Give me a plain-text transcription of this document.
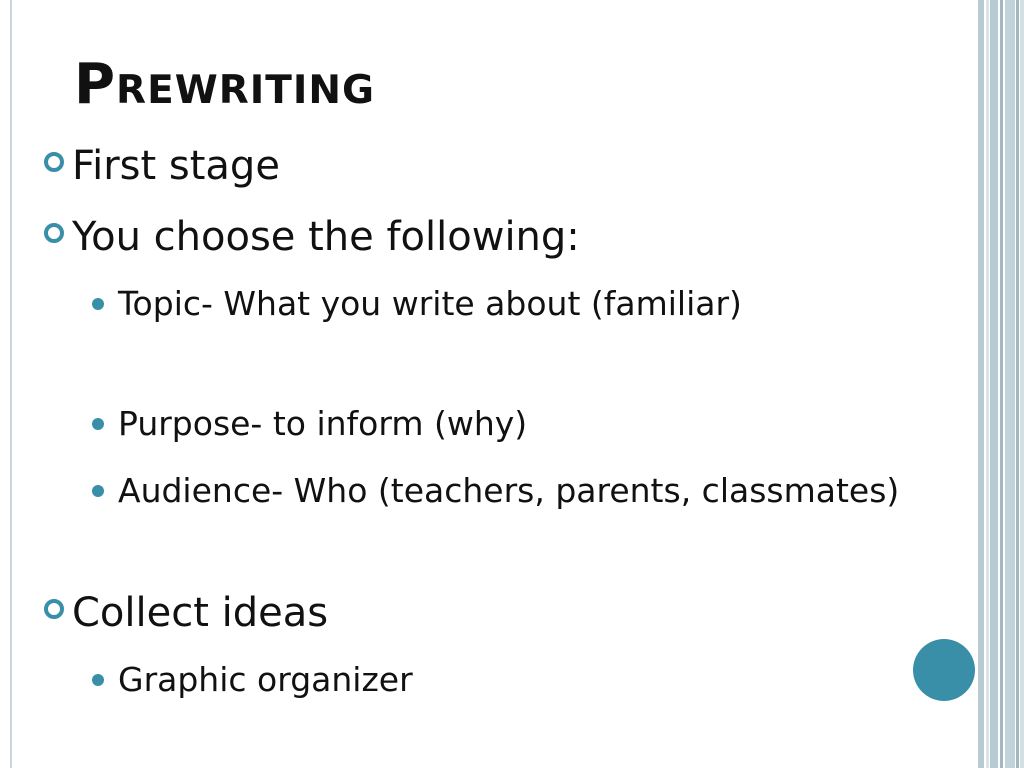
Prewriting
First stage
You choose the following:
Topic- What you write about (familiar)
Purpose- to inform (why)
Audience- Who (teachers, parents, classmates)
Collect ideas
Graphic organizer
